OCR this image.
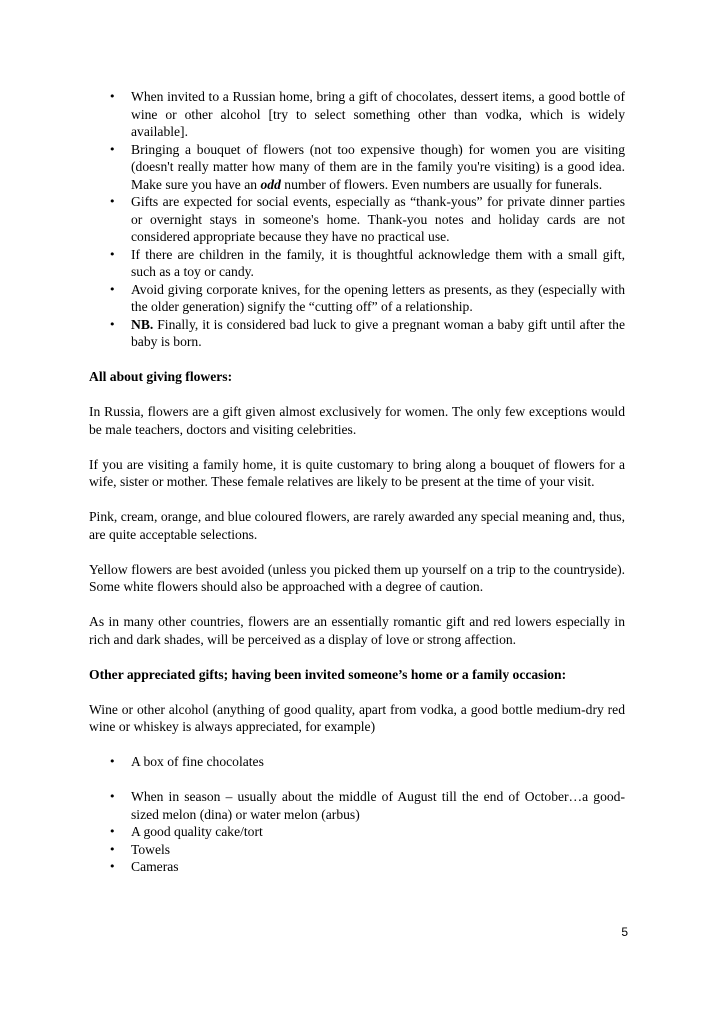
• When invited to a Russian home, bring a gift of chocolates, dessert items, a good bottle of wine or other alcohol [try to select something other than vodka, which is widely available].
• Bringing a bouquet of flowers (not too expensive though) for women you are visiting (doesn't really matter how many of them are in the family you're visiting) is a good idea. Make sure you have an odd number of flowers. Even numbers are usually for funerals.
• Gifts are expected for social events, especially as “thank-yous” for private dinner parties or overnight stays in someone's home. Thank-you notes and holiday cards are not considered appropriate because they have no practical use.
• If there are children in the family, it is thoughtful acknowledge them with a small gift, such as a toy or candy.
• Avoid giving corporate knives, for the opening letters as presents, as they (especially with the older generation) signify the “cutting off” of a relationship.
• NB. Finally, it is considered bad luck to give a pregnant woman a baby gift until after the baby is born.

All about giving flowers:

In Russia, flowers are a gift given almost exclusively for women. The only few exceptions would be male teachers, doctors and visiting celebrities.

If you are visiting a family home, it is quite customary to bring along a bouquet of flowers for a wife, sister or mother. These female relatives are likely to be present at the time of your visit.

Pink, cream, orange, and blue coloured flowers, are rarely awarded any special meaning and, thus, are quite acceptable selections.

Yellow flowers are best avoided (unless you picked them up yourself on a trip to the countryside). Some white flowers should also be approached with a degree of caution.

As in many other countries, flowers are an essentially romantic gift and red lowers especially in rich and dark shades, will be perceived as a display of love or strong affection.

Other appreciated gifts; having been invited someone’s home or a family occasion:

Wine or other alcohol (anything of good quality, apart from vodka, a good bottle medium-dry red wine or whiskey is always appreciated, for example)

• A box of fine chocolates
• When in season – usually about the middle of August till the end of October…a good-sized melon (dina) or water melon (arbus)
• A good quality cake/tort
• Towels
• Cameras
5
